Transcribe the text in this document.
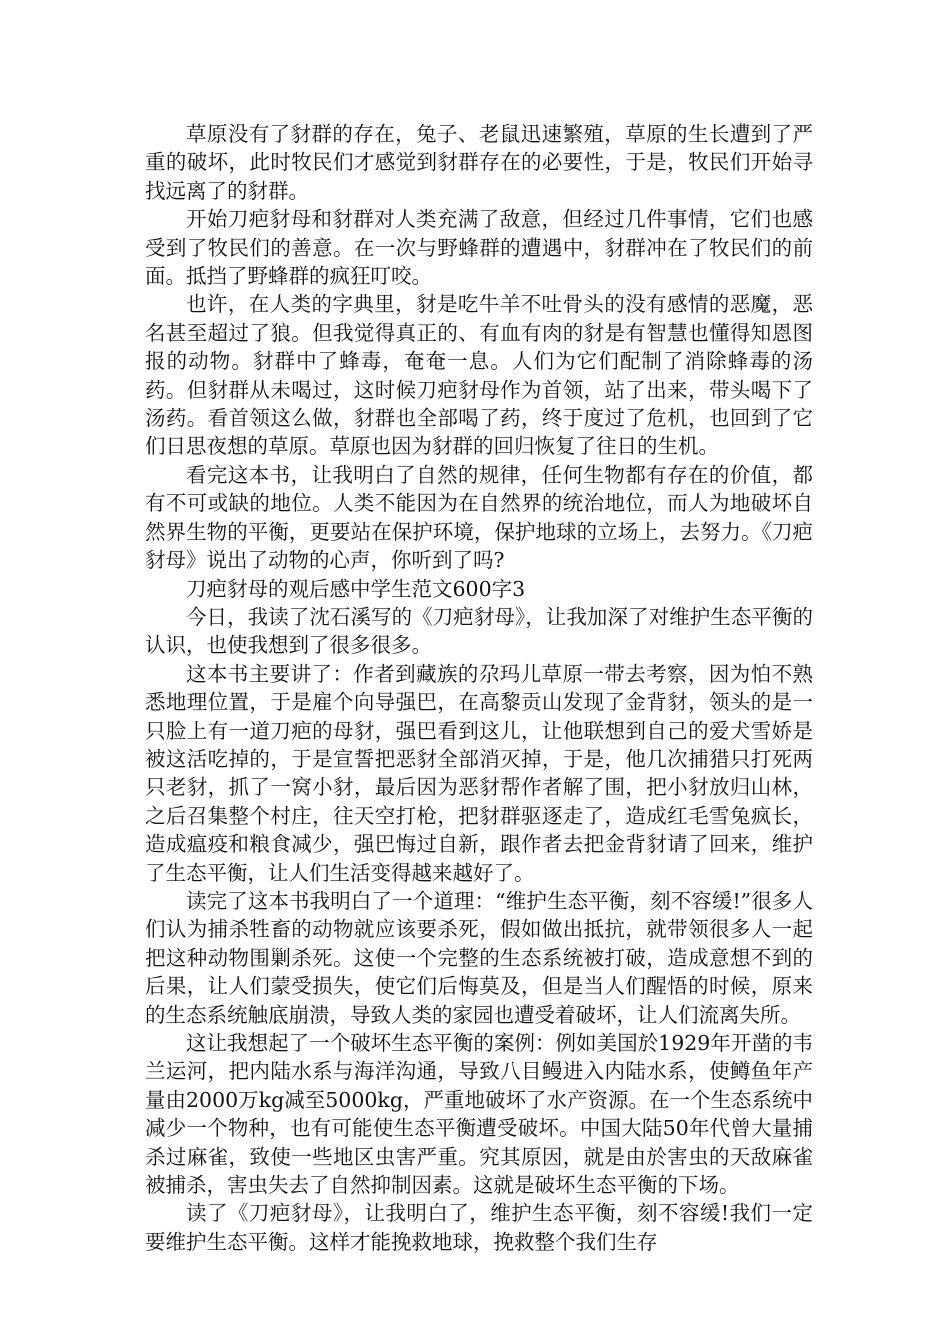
草原没有了豺群的存在，兔子、老鼠迅速繁殖，草原的生长遭到了严重的破坏，此时牧民们才感觉到豺群存在的必要性，于是，牧民们开始寻找远离了的豺群。

开始刀疤豺母和豺群对人类充满了敌意，但经过几件事情，它们也感受到了牧民们的善意。在一次与野蜂群的遭遇中，豺群冲在了牧民们的前面。抵挡了野蜂群的疯狂叮咬。

也许，在人类的字典里，豺是吃牛羊不吐骨头的没有感情的恶魔，恶名甚至超过了狼。但我觉得真正的、有血有肉的豺是有智慧也懂得知恩图报的动物。豺群中了蜂毒，奄奄一息。人们为它们配制了消除蜂毒的汤药。但豺群从未喝过，这时候刀疤豺母作为首领，站了出来，带头喝下了汤药。看首领这么做，豺群也全部喝了药，终于度过了危机，也回到了它们日思夜想的草原。草原也因为豺群的回归恢复了往日的生机。

看完这本书，让我明白了自然的规律，任何生物都有存在的价值，都有不可或缺的地位。人类不能因为在自然界的统治地位，而人为地破坏自然界生物的平衡，更要站在保护环境，保护地球的立场上，去努力。《刀疤豺母》说出了动物的心声，你听到了吗?

刀疤豺母的观后感中学生范文600字3

今日，我读了沈石溪写的《刀疤豺母》，让我加深了对维护生态平衡的认识，也使我想到了很多很多。

这本书主要讲了：作者到藏族的尕玛儿草原一带去考察，因为怕不熟悉地理位置，于是雇个向导强巴，在高黎贡山发现了金背豺，领头的是一只脸上有一道刀疤的母豺，强巴看到这儿，让他联想到自己的爱犬雪娇是被这活吃掉的，于是宣誓把恶豺全部消灭掉，于是，他几次捕猎只打死两只老豺，抓了一窝小豺，最后因为恶豺帮作者解了围，把小豺放归山林，之后召集整个村庄，往天空打枪，把豺群驱逐走了，造成红毛雪兔疯长，造成瘟疫和粮食减少，强巴悔过自新，跟作者去把金背豺请了回来，维护了生态平衡，让人们生活变得越来越好了。

读完了这本书我明白了一个道理：“维护生态平衡，刻不容缓!”很多人们认为捕杀牲畜的动物就应该要杀死，假如做出抵抗，就带领很多人一起把这种动物围剿杀死。这使一个完整的生态系统被打破，造成意想不到的后果，让人们蒙受损失，使它们后悔莫及，但是当人们醒悟的时候，原来的生态系统触底崩溃，导致人类的家园也遭受着破坏，让人们流离失所。

这让我想起了一个破坏生态平衡的案例：例如美国於1929年开凿的韦兰运河，把内陆水系与海洋沟通，导致八目鳗进入内陆水系，使鳟鱼年产量由2000万kg减至5000kg，严重地破坏了水产资源。在一个生态系统中减少一个物种，也有可能使生态平衡遭受破坏。中国大陆50年代曾大量捕杀过麻雀，致使一些地区虫害严重。究其原因，就是由於害虫的天敌麻雀被捕杀，害虫失去了自然抑制因素。这就是破坏生态平衡的下场。

读了《刀疤豺母》，让我明白了，维护生态平衡，刻不容缓!我们一定要维护生态平衡。这样才能挽救地球，挽救整个我们生存
